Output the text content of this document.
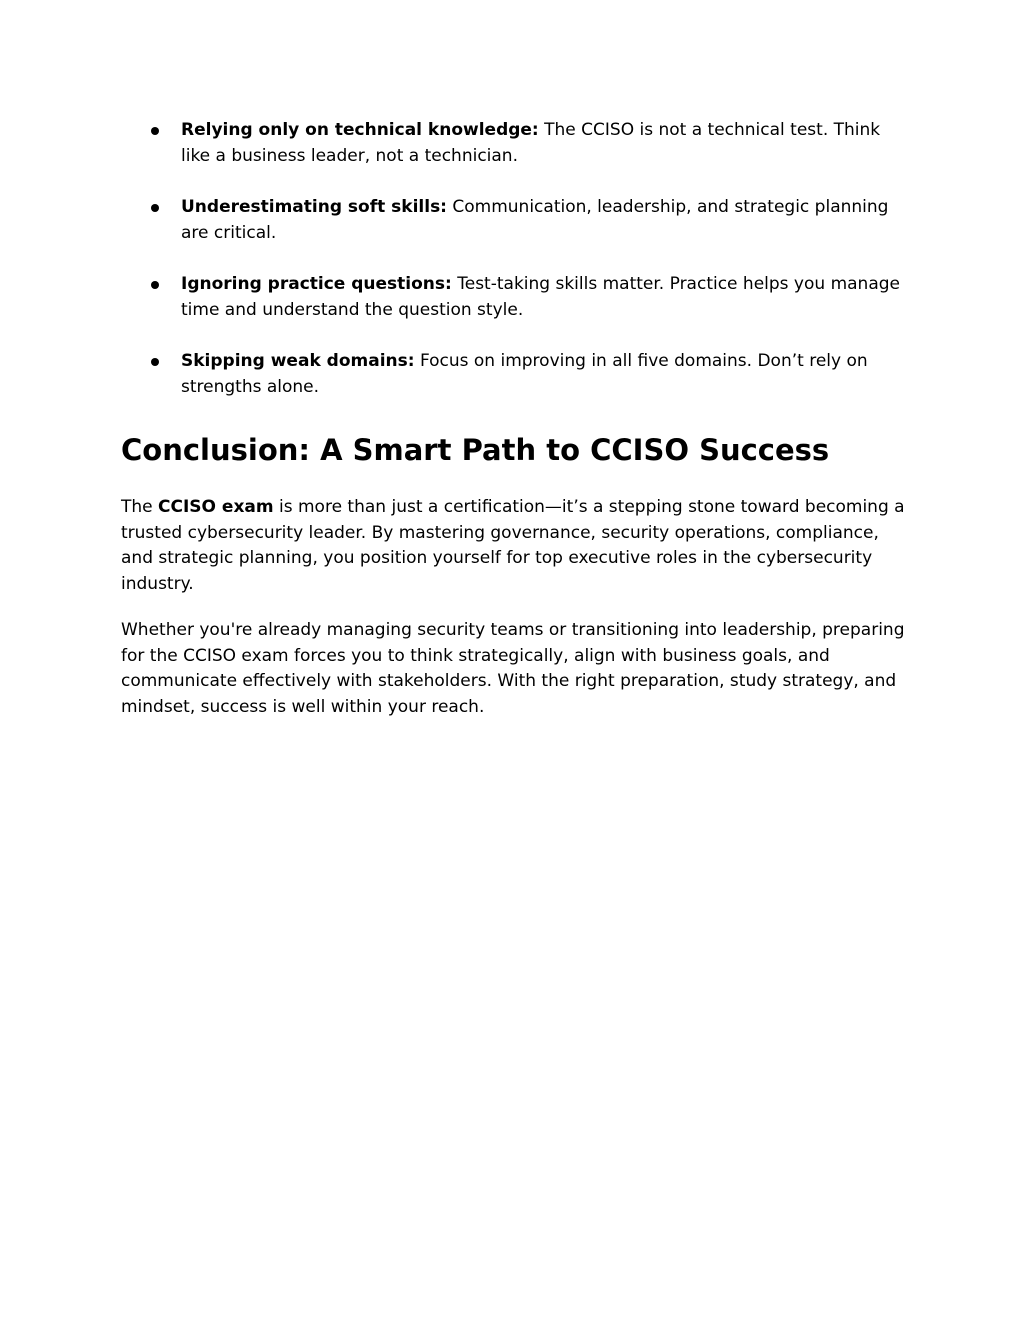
Relying only on technical knowledge: The CCISO is not a technical test. Think like a business leader, not a technician.
Underestimating soft skills: Communication, leadership, and strategic planning are critical.
Ignoring practice questions: Test-taking skills matter. Practice helps you manage time and understand the question style.
Skipping weak domains: Focus on improving in all five domains. Don’t rely on strengths alone.
Conclusion: A Smart Path to CCISO Success

The CCISO exam is more than just a certification—it’s a stepping stone toward becoming a trusted cybersecurity leader. By mastering governance, security operations, compliance, and strategic planning, you position yourself for top executive roles in the cybersecurity industry.

Whether you're already managing security teams or transitioning into leadership, preparing for the CCISO exam forces you to think strategically, align with business goals, and communicate effectively with stakeholders. With the right preparation, study strategy, and mindset, success is well within your reach.
